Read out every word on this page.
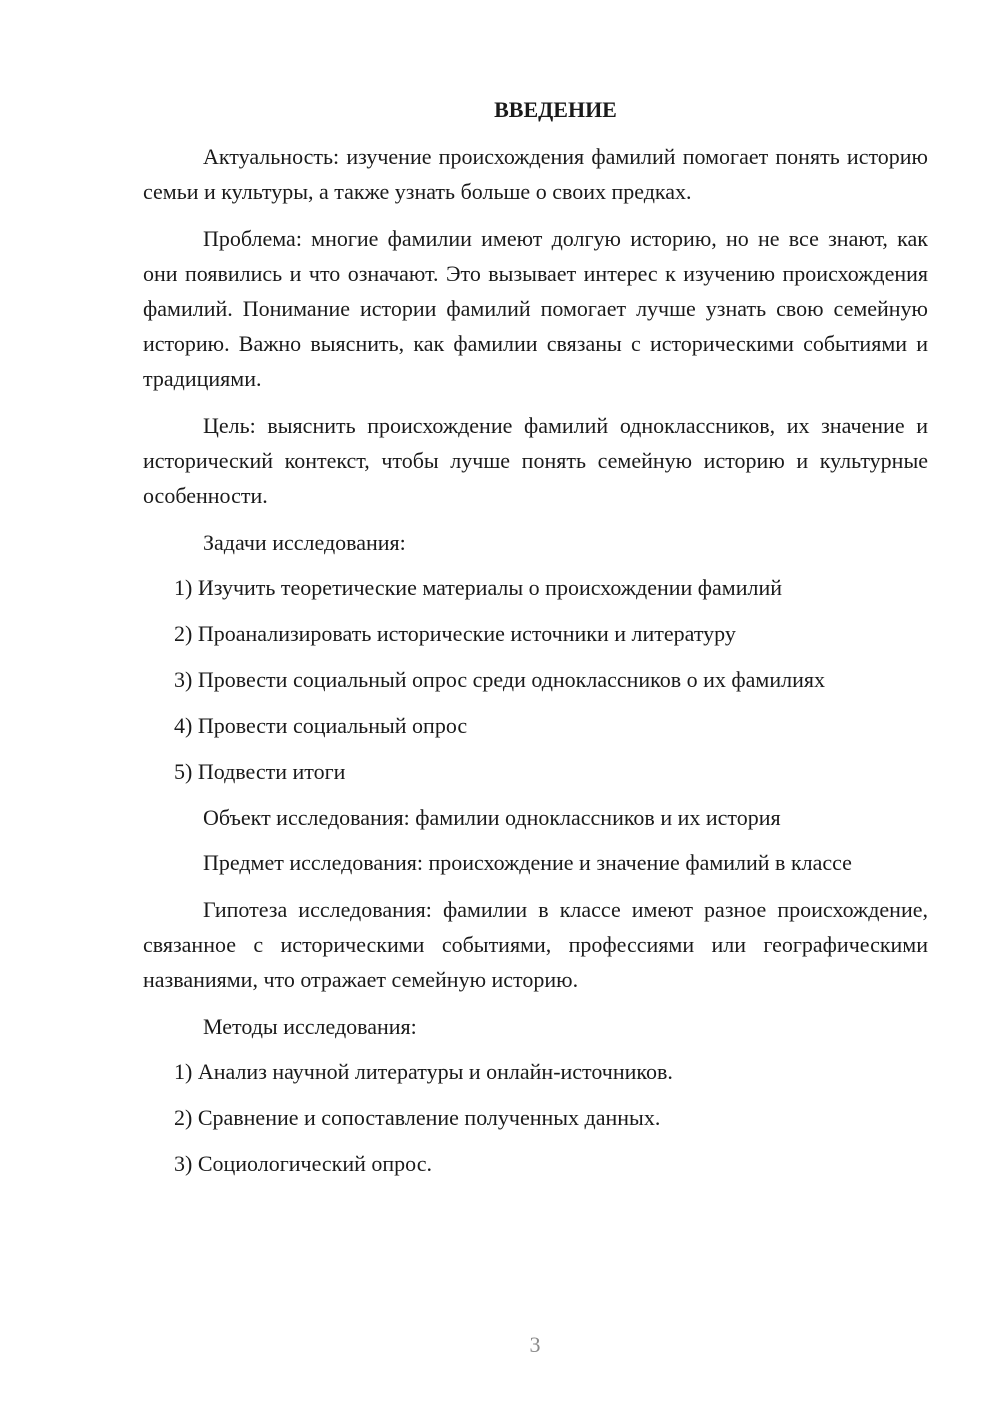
ВВЕДЕНИЕ

Актуальность: изучение происхождения фамилий помогает понять историю семьи и культуры, а также узнать больше о своих предках.

Проблема: многие фамилии имеют долгую историю, но не все знают, как они появились и что означают. Это вызывает интерес к изучению происхождения фамилий. Понимание истории фамилий помогает лучше узнать свою семейную историю. Важно выяснить, как фамилии связаны с историческими событиями и традициями.

Цель: выяснить происхождение фамилий одноклассников, их значение и исторический контекст, чтобы лучше понять семейную историю и культурные особенности.

Задачи исследования:

1) Изучить теоретические материалы о происхождении фамилий
2) Проанализировать исторические источники и литературу
3) Провести социальный опрос среди одноклассников о их фамилиях
4) Провести социальный опрос
5) Подвести итоги

Объект исследования: фамилии одноклассников и их история

Предмет исследования: происхождение и значение фамилий в классе

Гипотеза исследования: фамилии в классе имеют разное происхождение, связанное с историческими событиями, профессиями или географическими названиями, что отражает семейную историю.

Методы исследования:

1) Анализ научной литературы и онлайн-источников.
2) Сравнение и сопоставление полученных данных.
3) Социологический опрос.
3
